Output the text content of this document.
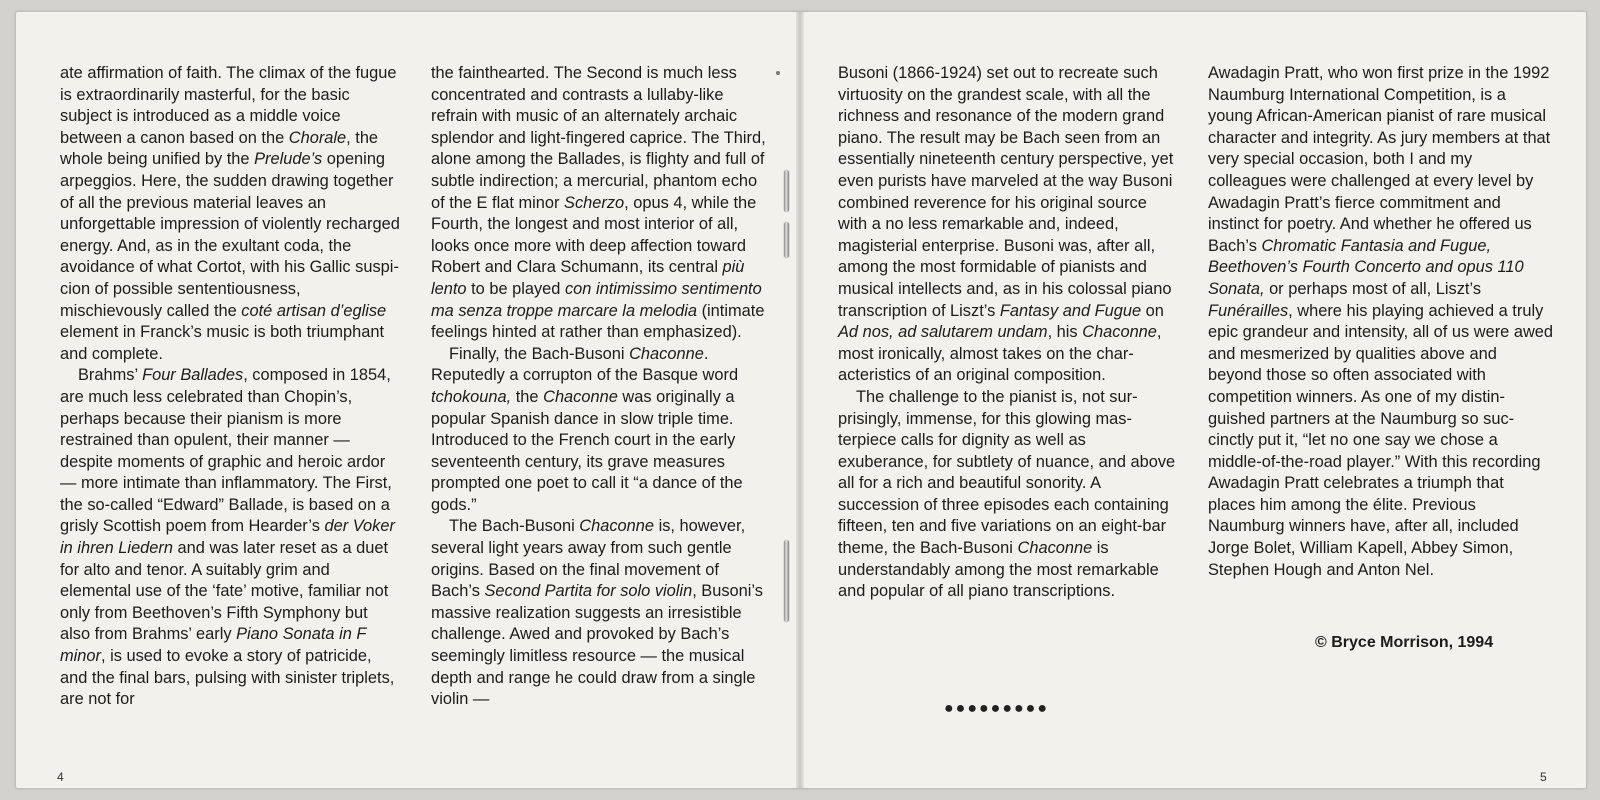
ate affirmation of faith. The climax of the fugue is extraordinarily masterful, for the basic subject is introduced as a middle voice between a canon based on the Chorale, the whole being unified by the Prelude’s opening arpeggios. Here, the sudden drawing together of all the previous material leaves an unforgettable impression of violently recharged energy. And, as in the exultant coda, the avoidance of what Cortot, with his Gallic suspicion of possible sententiousness, mischievously called the coté artisan d’eglise element in Franck’s music is both triumphant and complete.

Brahms’ Four Ballades, composed in 1854, are much less celebrated than Chopin’s, perhaps because their pianism is more restrained than opulent, their manner — despite moments of graphic and heroic ardor — more intimate than inflammatory. The First, the so-called “Edward” Ballade, is based on a grisly Scottish poem from Hearder’s der Voker in ihren Liedern and was later reset as a duet for alto and tenor. A suitably grim and elemental use of the ‘fate’ motive, familiar not only from Beethoven’s Fifth Symphony but also from Brahms’ early Piano Sonata in F minor, is used to evoke a story of patricide, and the final bars, pulsing with sinister triplets, are not for

the fainthearted. The Second is much less concentrated and contrasts a lullaby-like refrain with music of an alternately archaic splendor and light-fingered caprice. The Third, alone among the Ballades, is flighty and full of subtle indirection; a mercurial, phantom echo of the E flat minor Scherzo, opus 4, while the Fourth, the longest and most interior of all, looks once more with deep affection toward Robert and Clara Schumann, its central più lento to be played con intimissimo sentimento ma senza troppe marcare la melodia (intimate feelings hinted at rather than emphasized).

Finally, the Bach-Busoni Chaconne. Reputedly a corrupton of the Basque word tchokouna, the Chaconne was originally a popular Spanish dance in slow triple time. Introduced to the French court in the early seventeenth century, its grave measures prompted one poet to call it “a dance of the gods.”

The Bach-Busoni Chaconne is, however, several light years away from such gentle origins. Based on the final movement of Bach’s Second Partita for solo violin, Busoni’s massive realization suggests an irresistible challenge. Awed and provoked by Bach’s seemingly limitless resource — the musical depth and range he could draw from a single violin —

Busoni (1866-1924) set out to recreate such virtuosity on the grandest scale, with all the richness and resonance of the modern grand piano. The result may be Bach seen from an essentially nineteenth century perspective, yet even purists have marveled at the way Busoni combined reverence for his original source with a no less remarkable and, indeed, magisterial enterprise. Busoni was, after all, among the most formidable of pianists and musical intellects and, as in his colossal piano transcription of Liszt’s Fantasy and Fugue on Ad nos, ad salutarem undam, his Chaconne, most ironically, almost takes on the characteristics of an original composition.

The challenge to the pianist is, not surprisingly, immense, for this glowing masterpiece calls for dignity as well as exuberance, for subtlety of nuance, and above all for a rich and beautiful sonority. A succession of three episodes each containing fifteen, ten and five variations on an eight-bar theme, the Bach-Busoni Chaconne is understandably among the most remarkable and popular of all piano transcriptions.

Awadagin Pratt, who won first prize in the 1992 Naumburg International Competition, is a young African-American pianist of rare musical character and integrity. As jury members at that very special occasion, both I and my colleagues were challenged at every level by Awadagin Pratt’s fierce commitment and instinct for poetry. And whether he offered us Bach’s Chromatic Fantasia and Fugue, Beethoven’s Fourth Concerto and opus 110 Sonata, or perhaps most of all, Liszt’s Funérailles, where his playing achieved a truly epic grandeur and intensity, all of us were awed and mesmerized by qualities above and beyond those so often associated with competition winners. As one of my distinguished partners at the Naumburg so succinctly put it, “let no one say we chose a middle-of-the-road player.” With this recording Awadagin Pratt celebrates a triumph that places him among the élite. Previous Naumburg winners have, after all, included Jorge Bolet, William Kapell, Abbey Simon, Stephen Hough and Anton Nel.

●●●●●●●●●
© Bryce Morrison, 1994
4	5
